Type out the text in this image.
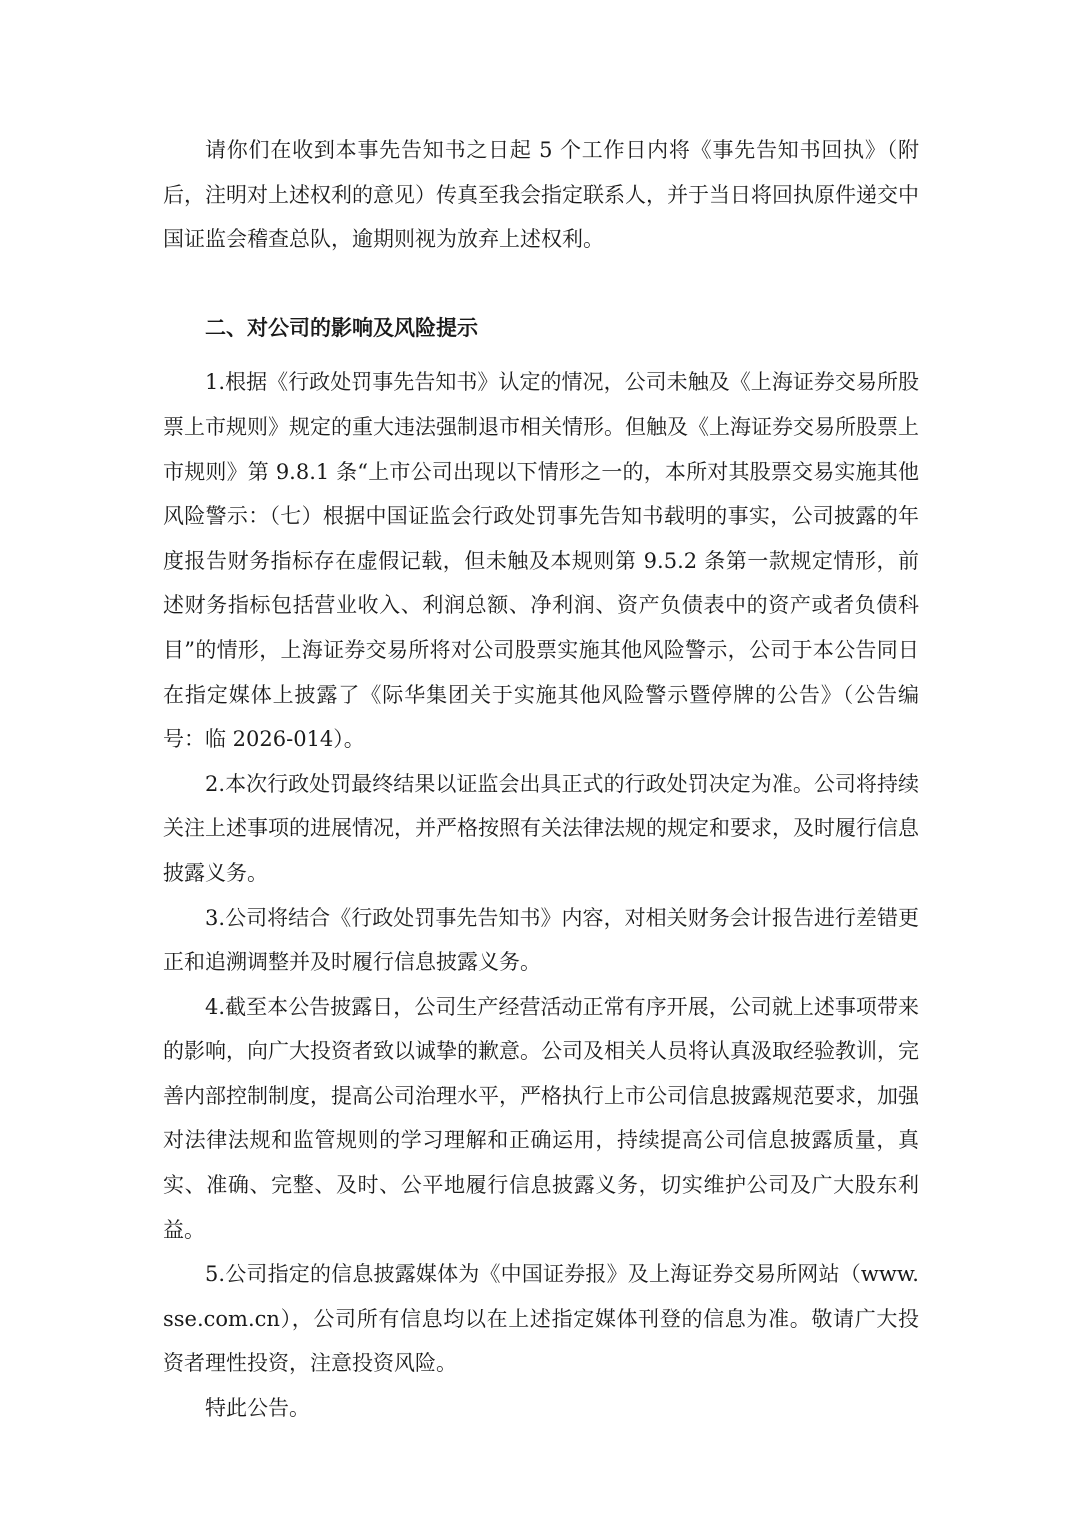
请你们在收到本事先告知书之日起 5 个工作日内将《事先告知书回执》（附后，注明对上述权利的意见）传真至我会指定联系人，并于当日将回执原件递交中国证监会稽查总队，逾期则视为放弃上述权利。

二、对公司的影响及风险提示

1.根据《行政处罚事先告知书》认定的情况，公司未触及《上海证券交易所股票上市规则》规定的重大违法强制退市相关情形。但触及《上海证券交易所股票上市规则》第 9.8.1 条“上市公司出现以下情形之一的，本所对其股票交易实施其他风险警示：（七）根据中国证监会行政处罚事先告知书载明的事实，公司披露的年度报告财务指标存在虚假记载，但未触及本规则第 9.5.2 条第一款规定情形，前述财务指标包括营业收入、利润总额、净利润、资产负债表中的资产或者负债科目”的情形，上海证券交易所将对公司股票实施其他风险警示，公司于本公告同日在指定媒体上披露了《际华集团关于实施其他风险警示暨停牌的公告》（公告编号：临 2026-014）。

2.本次行政处罚最终结果以证监会出具正式的行政处罚决定为准。公司将持续关注上述事项的进展情况，并严格按照有关法律法规的规定和要求，及时履行信息披露义务。

3.公司将结合《行政处罚事先告知书》内容，对相关财务会计报告进行差错更正和追溯调整并及时履行信息披露义务。

4.截至本公告披露日，公司生产经营活动正常有序开展，公司就上述事项带来的影响，向广大投资者致以诚挚的歉意。公司及相关人员将认真汲取经验教训，完善内部控制制度，提高公司治理水平，严格执行上市公司信息披露规范要求，加强对法律法规和监管规则的学习理解和正确运用，持续提高公司信息披露质量，真实、准确、完整、及时、公平地履行信息披露义务，切实维护公司及广大股东利益。

5.公司指定的信息披露媒体为《中国证券报》及上海证券交易所网站（www.sse.com.cn），公司所有信息均以在上述指定媒体刊登的信息为准。敬请广大投资者理性投资，注意投资风险。

特此公告。
